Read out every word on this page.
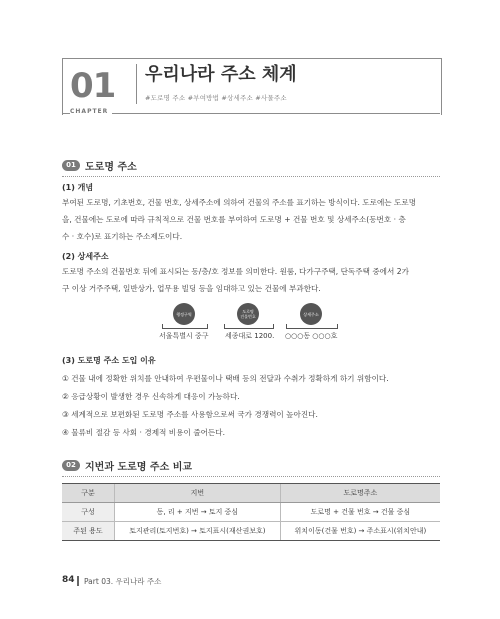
01	우리나라 주소 체계
#도로명 주소 #부여방법 #상세주소 #사물주소
CHAPTER
01 도로명 주소
(1) 개념
부여된 도로명, 기초번호, 건물 번호, 상세주소에 의하여 건물의 주소를 표기하는 방식이다. 도로에는 도로명
을, 건물에는 도로에 따라 규칙적으로 건물 번호를 부여하여 도로명 + 건물 번호 및 상세주소(동번호 · 층
수 · 호수)로 표기하는 주소제도이다.
(2) 상세주소
도로명 주소의 건물번호 뒤에 표시되는 동/층/호 정보를 의미한다. 원룸, 다가구주택, 단독주택 중에서 2가
구 이상 거주주택, 일반상가, 업무용 빌딩 등을 임대하고 있는 건물에 부과한다.
행정구역	도로명
건물번호	상세주소
서울특별시 중구 세종대로 1200. ○○○동 ○○○호
(3) 도로명 주소 도입 이유
① 건물 내에 정확한 위치를 안내하여 우편물이나 택배 등의 전달과 수취가 정확하게 하기 위함이다.
② 응급상황이 발생한 경우 신속하게 대응이 가능하다.
③ 세계적으로 보편화된 도로명 주소를 사용함으로써 국가 경쟁력이 높아진다.
④ 물류비 절감 등 사회 · 경제적 비용이 줄어든다.
02 지번과 도로명 주소 비교
구분	지번	도로명주소
구성	동, 리 + 지번 → 토지 중심	도로명 + 건물 번호 → 건물 중심
주된 용도	토지관리(토지번호) → 토지표시(재산권보호)	위치이동(건물 번호) → 주소표시(위치안내)
84 Part 03. 우리나라 주소
